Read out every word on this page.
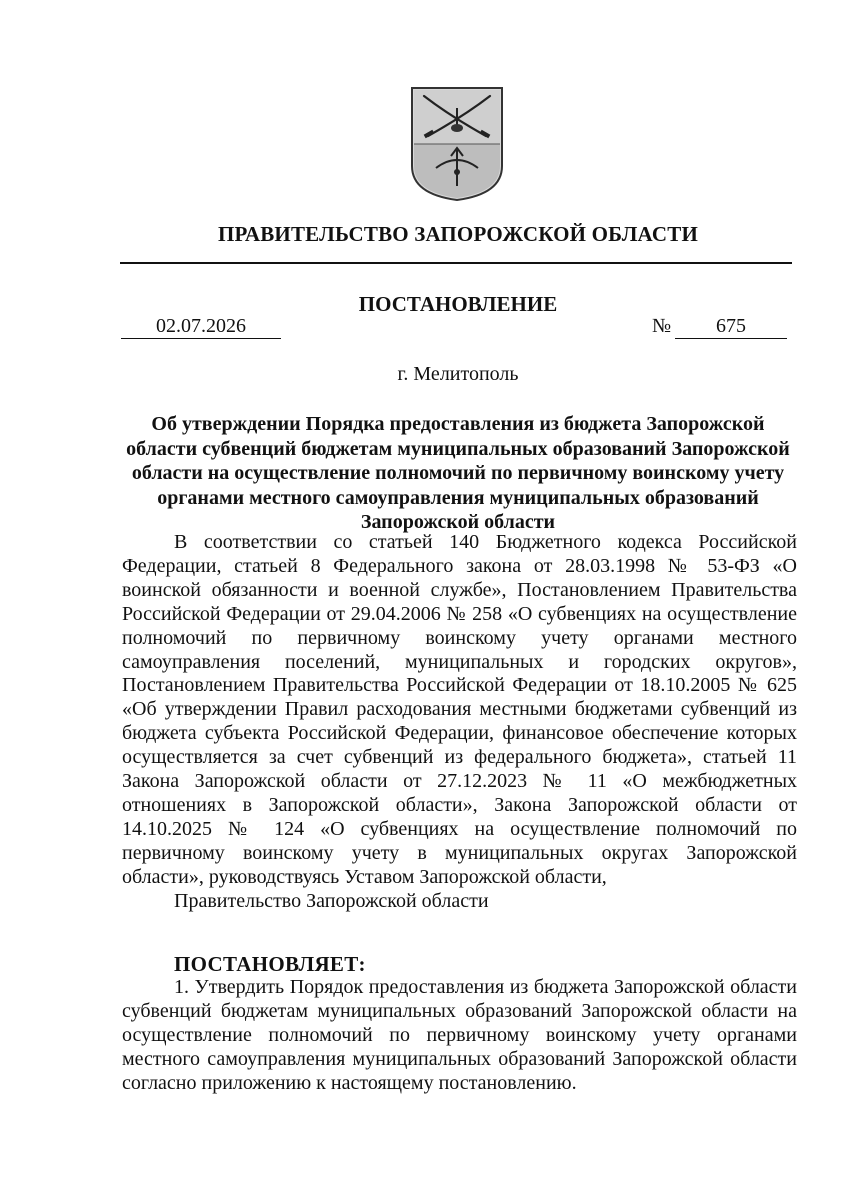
ПРАВИТЕЛЬСТВО ЗАПОРОЖСКОЙ ОБЛАСТИ
ПОСТАНОВЛЕНИЕ
02.07.2026	№	675
г. Мелитополь
Об утверждении Порядка предоставления из бюджета Запорожской области субвенций бюджетам муниципальных образований Запорожской области на осуществление полномочий по первичному воинскому учету органами местного самоуправления муниципальных образований Запорожской области

В соответствии со статьей 140 Бюджетного кодекса Российской Федерации, статьей 8 Федерального закона от 28.03.1998 № 53-ФЗ «О воинской обязанности и военной службе», Постановлением Правительства Российской Федерации от 29.04.2006 № 258 «О субвенциях на осуществление полномочий по первичному воинскому учету органами местного самоуправления поселений, муниципальных и городских округов», Постановлением Правительства Российской Федерации от 18.10.2005 № 625 «Об утверждении Правил расходования местными бюджетами субвенций из бюджета субъекта Российской Федерации, финансовое обеспечение которых осуществляется за счет субвенций из федерального бюджета», статьей 11 Закона Запорожской области от 27.12.2023 № 11 «О межбюджетных отношениях в Запорожской области», Закона Запорожской области от 14.10.2025 № 124 «О субвенциях на осуществление полномочий по первичному воинскому учету в муниципальных округах Запорожской области», руководствуясь Уставом Запорожской области,

Правительство Запорожской области

ПОСТАНОВЛЯЕТ:

1. Утвердить Порядок предоставления из бюджета Запорожской области субвенций бюджетам муниципальных образований Запорожской области на осуществление полномочий по первичному воинскому учету органами местного самоуправления муниципальных образований Запорожской области согласно приложению к настоящему постановлению.
